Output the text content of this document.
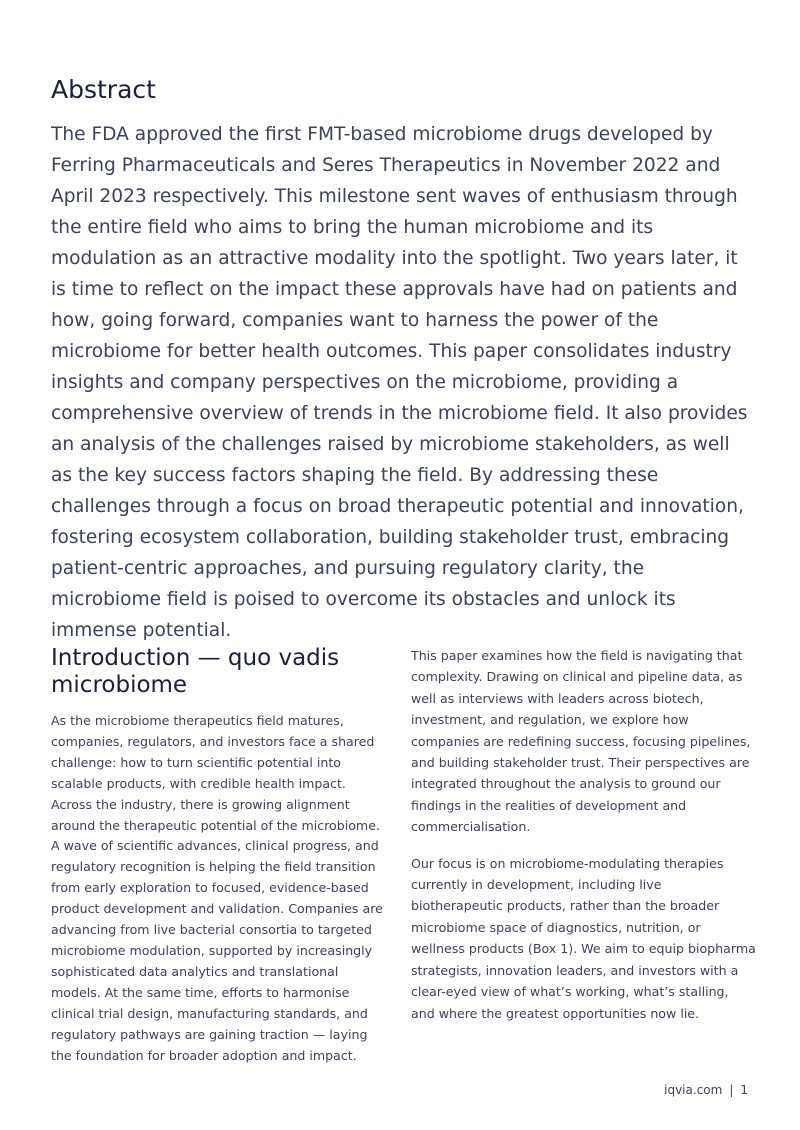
Abstract

The FDA approved the first FMT-based microbiome drugs developed by Ferring Pharmaceuticals and Seres Therapeutics in November 2022 and April 2023 respectively. This milestone sent waves of enthusiasm through the entire field who aims to bring the human microbiome and its modulation as an attractive modality into the spotlight. Two years later, it is time to reflect on the impact these approvals have had on patients and how, going forward, companies want to harness the power of the microbiome for better health outcomes. This paper consolidates industry insights and company perspectives on the microbiome, providing a comprehensive overview of trends in the microbiome field. It also provides an analysis of the challenges raised by microbiome stakeholders, as well as the key success factors shaping the field. By addressing these challenges through a focus on broad therapeutic potential and innovation, fostering ecosystem collaboration, building stakeholder trust, embracing patient-centric approaches, and pursuing regulatory clarity, the microbiome field is poised to overcome its obstacles and unlock its immense potential.

Introduction — quo vadis microbiome

As the microbiome therapeutics field matures, companies, regulators, and investors face a shared challenge: how to turn scientific potential into scalable products, with credible health impact. Across the industry, there is growing alignment around the therapeutic potential of the microbiome. A wave of scientific advances, clinical progress, and regulatory recognition is helping the field transition from early exploration to focused, evidence-based product development and validation. Companies are advancing from live bacterial consortia to targeted microbiome modulation, supported by increasingly sophisticated data analytics and translational models. At the same time, efforts to harmonise clinical trial design, manufacturing standards, and regulatory pathways are gaining traction — laying the foundation for broader adoption and impact.

This paper examines how the field is navigating that complexity. Drawing on clinical and pipeline data, as well as interviews with leaders across biotech, investment, and regulation, we explore how companies are redefining success, focusing pipelines, and building stakeholder trust. Their perspectives are integrated throughout the analysis to ground our findings in the realities of development and commercialisation.

Our focus is on microbiome-modulating therapies currently in development, including live biotherapeutic products, rather than the broader microbiome space of diagnostics, nutrition, or wellness products (Box 1). We aim to equip biopharma strategists, innovation leaders, and investors with a clear-eyed view of what’s working, what’s stalling, and where the greatest opportunities now lie.

iqvia.com | 1
